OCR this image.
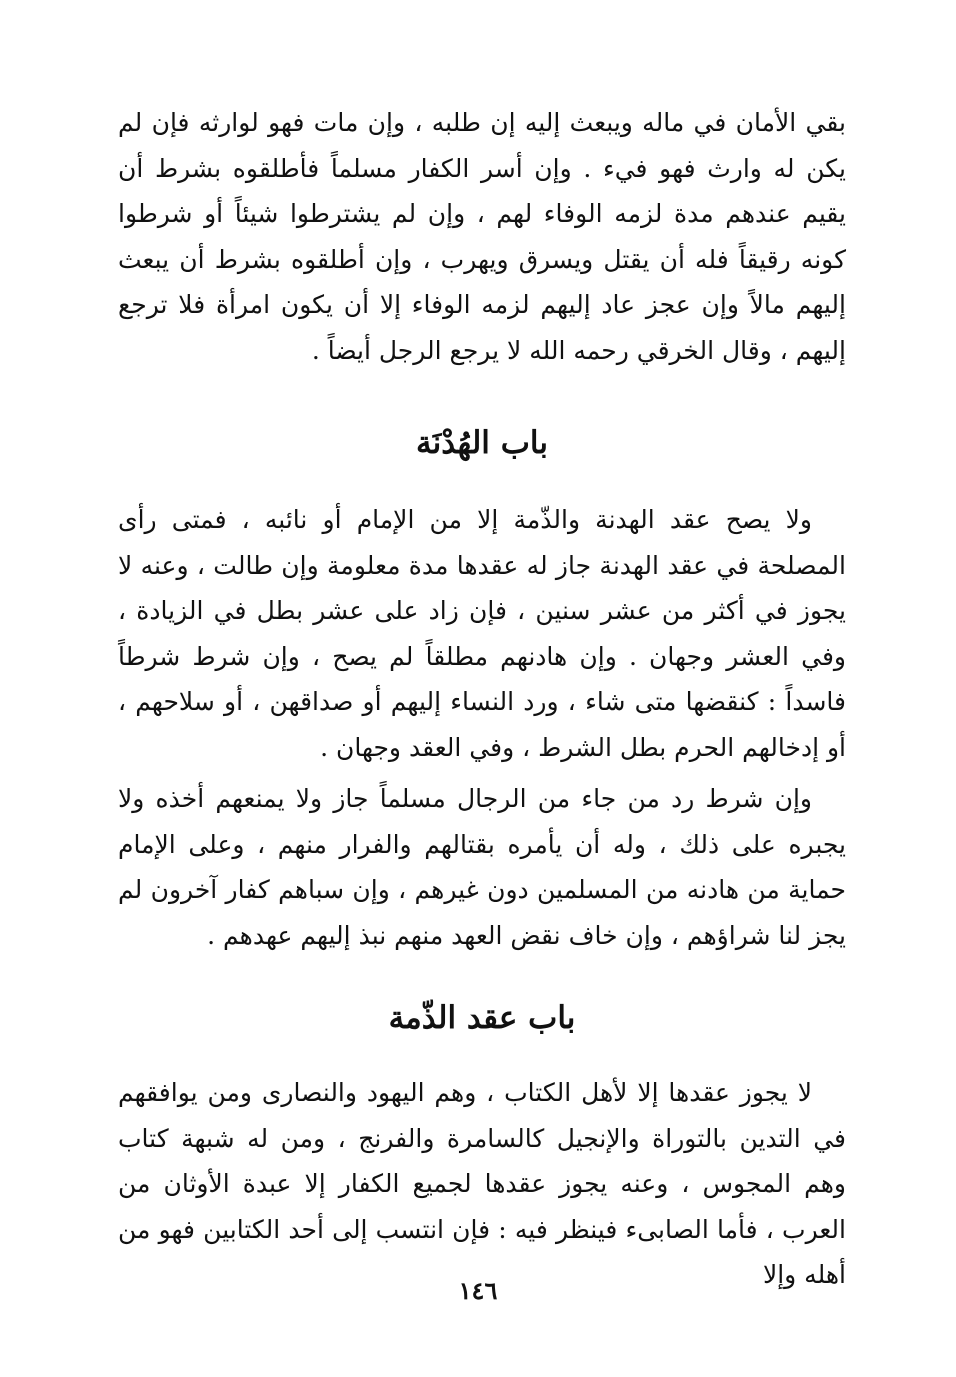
بقي الأمان في ماله ويبعث إليه إن طلبه ، وإن مات فهو لوارثه فإن لم يكن له وارث فهو فيء . وإن أسر الكفار مسلماً فأطلقوه بشرط أن يقيم عندهم مدة لزمه الوفاء لهم ، وإن لم يشترطوا شيئاً أو شرطوا كونه رقيقاً فله أن يقتل ويسرق ويهرب ، وإن أطلقوه بشرط أن يبعث إليهم مالاً وإن عجز عاد إليهم لزمه الوفاء إلا أن يكون امرأة فلا ترجع إليهم ، وقال الخرقي رحمه الله لا يرجع الرجل أيضاً .

باب الهُدْنَة

ولا يصح عقد الهدنة والذّمة إلا من الإمام أو نائبه ، فمتى رأى المصلحة في عقد الهدنة جاز له عقدها مدة معلومة وإن طالت ، وعنه لا يجوز في أكثر من عشر سنين ، فإن زاد على عشر بطل في الزيادة ، وفي العشر وجهان . وإن هادنهم مطلقاً لم يصح ، وإن شرط شرطاً فاسداً : كنقضها متى شاء ، ورد النساء إليهم أو صداقهن ، أو سلاحهم ، أو إدخالهم الحرم بطل الشرط ، وفي العقد وجهان .

وإن شرط رد من جاء من الرجال مسلماً جاز ولا يمنعهم أخذه ولا يجبره على ذلك ، وله أن يأمره بقتالهم والفرار منهم ، وعلى الإمام حماية من هادنه من المسلمين دون غيرهم ، وإن سباهم كفار آخرون لم يجز لنا شراؤهم ، وإن خاف نقض العهد منهم نبذ إليهم عهدهم .

باب عقد الذّمة

لا يجوز عقدها إلا لأهل الكتاب ، وهم اليهود والنصارى ومن يوافقهم في التدين بالتوراة والإنجيل كالسامرة والفرنج ، ومن له شبهة كتاب وهم المجوس ، وعنه يجوز عقدها لجميع الكفار إلا عبدة الأوثان من العرب ، فأما الصابىء فينظر فيه : فإن انتسب إلى أحد الكتابين فهو من أهله وإلا

١٤٦
